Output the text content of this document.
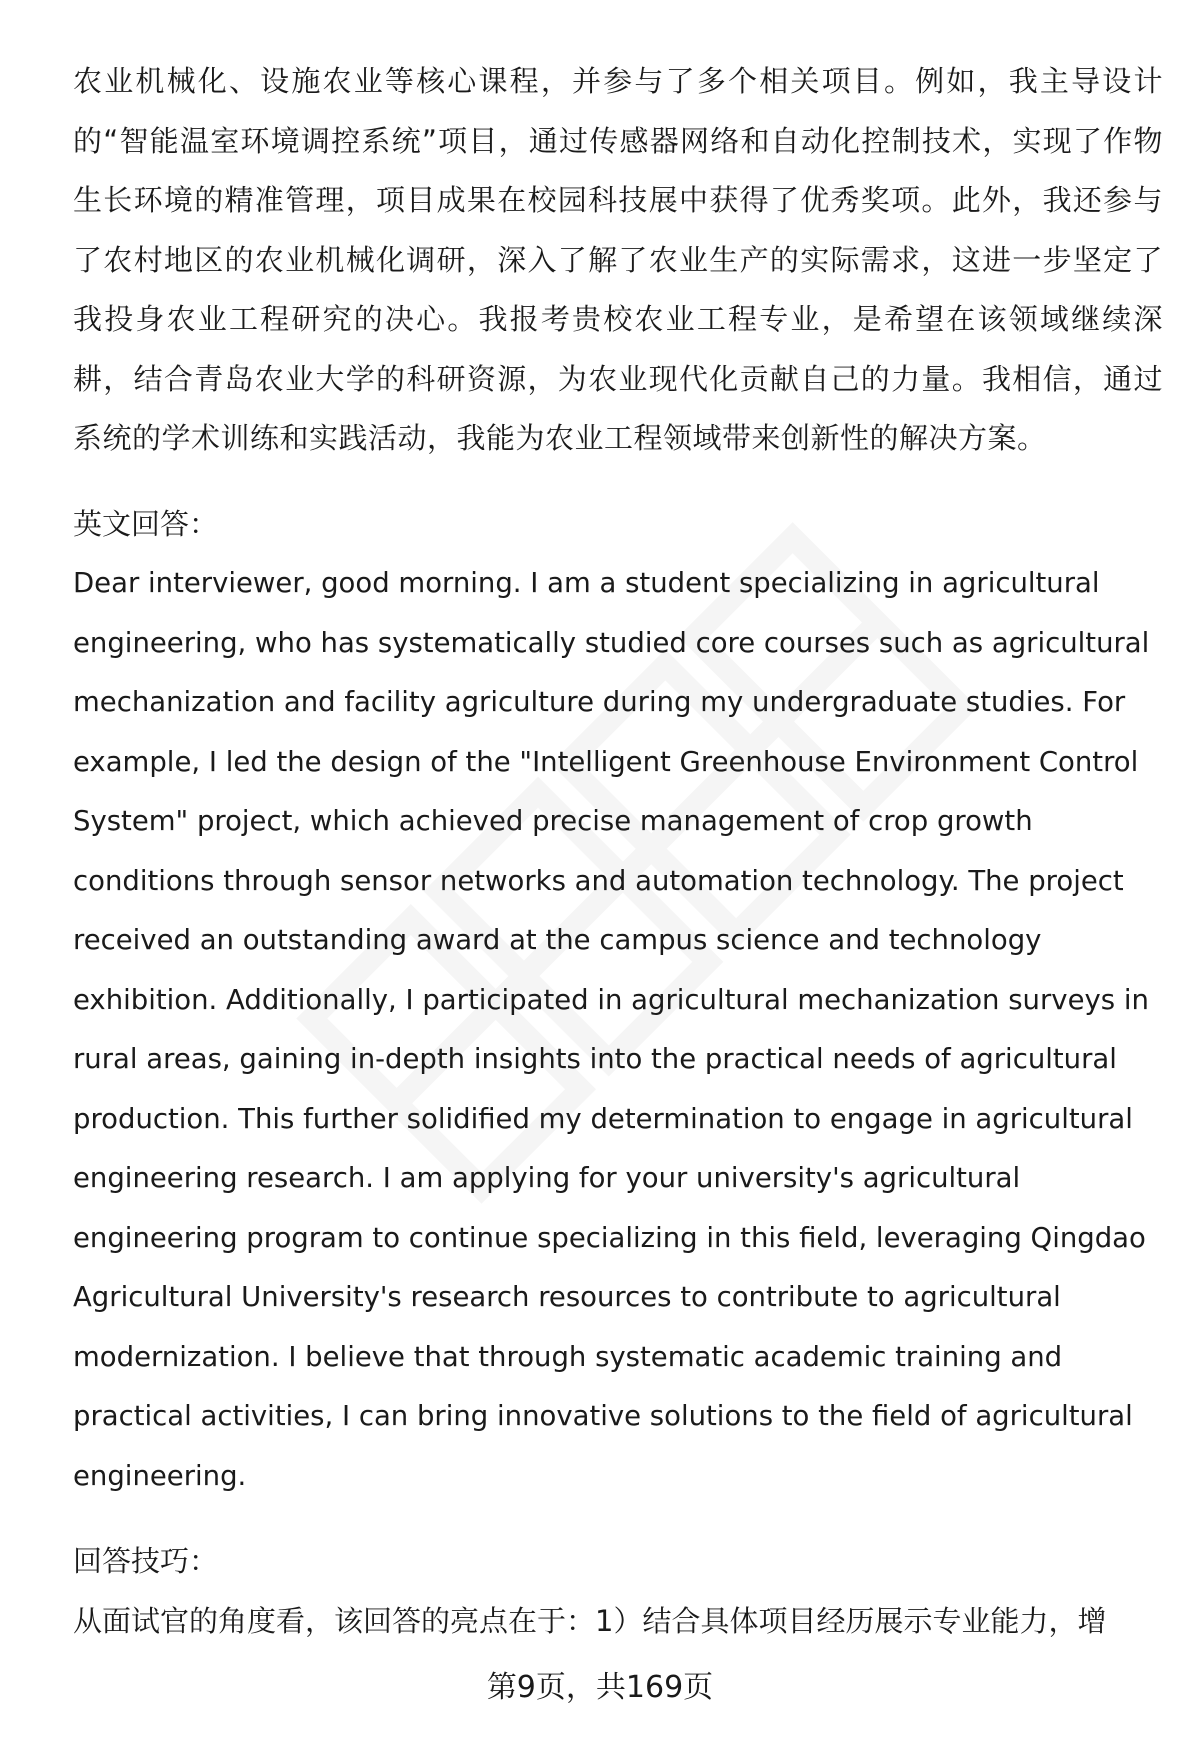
农业机械化、设施农业等核心课程，并参与了多个相关项目。例如，我主导设计的“智能温室环境调控系统”项目，通过传感器网络和自动化控制技术，实现了作物生长环境的精准管理，项目成果在校园科技展中获得了优秀奖项。此外，我还参与了农村地区的农业机械化调研，深入了解了农业生产的实际需求，这进一步坚定了我投身农业工程研究的决心。我报考贵校农业工程专业，是希望在该领域继续深耕，结合青岛农业大学的科研资源，为农业现代化贡献自己的力量。我相信，通过系统的学术训练和实践活动，我能为农业工程领域带来创新性的解决方案。

英文回答：

Dear interviewer, good morning. I am a student specializing in agricultural engineering, who has systematically studied core courses such as agricultural mechanization and facility agriculture during my undergraduate studies. For example, I led the design of the "Intelligent Greenhouse Environment Control System" project, which achieved precise management of crop growth conditions through sensor networks and automation technology. The project received an outstanding award at the campus science and technology exhibition. Additionally, I participated in agricultural mechanization surveys in rural areas, gaining in-depth insights into the practical needs of agricultural production. This further solidified my determination to engage in agricultural engineering research. I am applying for your university's agricultural engineering program to continue specializing in this field, leveraging Qingdao Agricultural University's research resources to contribute to agricultural modernization. I believe that through systematic academic training and practical activities, I can bring innovative solutions to the field of agricultural engineering.

回答技巧：

从面试官的角度看，该回答的亮点在于：1）结合具体项目经历展示专业能力，增

第9页，共169页
